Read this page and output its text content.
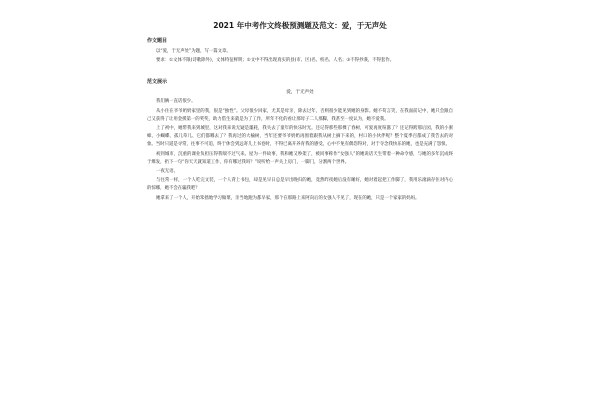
2021 年中考作文终极预测题及范文：爱，于无声处
作文题目

以“爱，于无声处”为题，写一篇文章。

要求：①文体不限(诗歌除外)，文体特征鲜明；②文中不得出现真实的县(市、区)名、校名、人名；③不得抄袭，不得套作。

范文展示
爱，于无声处

我们俩一直话很少。

从小住在爷爷奶奶家里的我，很是“独性”。父母很少回家，尤其是母亲，除去过年，否则很少能见到她的身影。她不苟言笑，在我面前记中，她只会跟自己又获得了让用金援第一的奖奖，助力借生来就是为了工作，所年不化的看让那母子二人那脚，我甚至一度认为，她不爱我。

上了初中，她带我来到城里，这对我来说无疑是噩耗，我失去了童年的快乐时光。还记得那些那棵了春树，可爱再度喧嚣了？还记得跨那后园，我的小蜜蜂、小蝴蝶、孤儿草儿、它们都哪去了？我再过的大榆树，当年还要爷爷奶奶再围着跟我从树上摘下来的，村口的小伙伴呢？整个夏季百都成了我告去的对象。当时只道是寻常，往事不可追，终于休会到远寄儿上书卷时，不得已离开养育我的感受。心中不免有偶怨得对，对于寺念我快乐的她，也是充满了怨恨。

初到城市，沉重的课业负担压得我喘不过气来。屋为一件故事，我和她又吵架了，被同事称作“女强人”的她说话天生带着一种命令感，与她的多年沉成终于爆发，扔下一句“你天天就知道工作，你有哪过我吗？”说听给一声关上房门，一脚门，分割两个世界。

一夜无语。

与往常一样，一个人吃完文装，一个人背上书包，却是见早日总是早出晚归的她，竟然昨夜她后没有睡好，她对着起把工作脚了，我用乐滚滴存住对内心的惊哪，她不会在骗我吧？

她拿来了一个人，开始笨拙地学习做菜，亲当地跑为都早家，那个在那路上来阿向后的女强人不见了，现在的她，只是一个家家的妈妈。
